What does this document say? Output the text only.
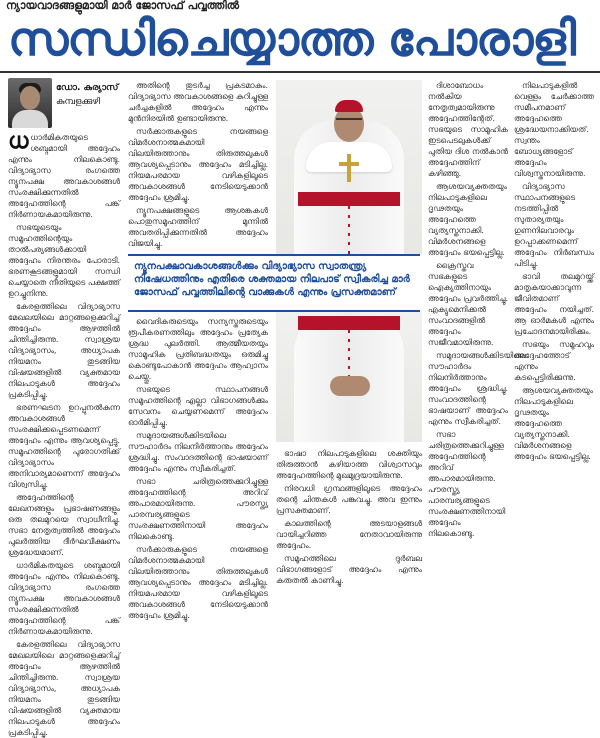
ന്യായവാദങ്ങളുമായി മാർ ജോസഫ് പവ്വത്തിൽ
സന്ധിചെയ്യാത്ത പോരാളി
ഡോ. കുര്യാസ്
കുമ്പളക്കുഴി

ധധാർമികതയുടെ ശബ്ദമായി അദ്ദേഹം എന്നും നിലകൊണ്ടു. വിദ്യാഭ്യാസ രംഗത്തെ ന്യൂനപക്ഷ അവകാശങ്ങൾ സംരക്ഷിക്കുന്നതിൽ അദ്ദേഹത്തിന്റെ പങ്ക് നിർണായകമായിരുന്നു.

സഭയുടെയും സമൂഹത്തിന്റെയും താൽപര്യങ്ങൾക്കായി അദ്ദേഹം നിരന്തരം പോരാടി. ഭരണകൂടങ്ങളുമായി സന്ധി ചെയ്യാതെ നീതിയുടെ പക്ഷത്ത് ഉറച്ചുനിന്നു.

കേരളത്തിലെ വിദ്യാഭ്യാസ മേഖലയിലെ മാറ്റങ്ങളെക്കുറിച്ച് അദ്ദേഹം ആഴത്തിൽ ചിന്തിച്ചിരുന്നു. സ്വാശ്രയ വിദ്യാഭ്യാസം, അധ്യാപക നിയമനം തുടങ്ങിയ വിഷയങ്ങളിൽ വ്യക്തമായ നിലപാടുകൾ അദ്ദേഹം പ്രകടിപ്പിച്ചു.

ഭരണഘടന ഉറപ്പുനൽകുന്ന അവകാശങ്ങൾ സംരക്ഷിക്കപ്പെടണമെന്ന് അദ്ദേഹം എന്നും ആവശ്യപ്പെട്ടു. സമൂഹത്തിന്റെ പുരോഗതിക്ക് വിദ്യാഭ്യാസം അനിവാര്യമാണെന്ന് അദ്ദേഹം വിശ്വസിച്ചു.

അദ്ദേഹത്തിന്റെ ലേഖനങ്ങളും പ്രഭാഷണങ്ങളും ഒരു തലമുറയെ സ്വാധീനിച്ചു. സഭാ നേതൃത്വത്തിൽ അദ്ദേഹം പുലർത്തിയ ദീർഘവീക്ഷണം ശ്രദ്ധേയമാണ്.

ധാർമികതയുടെ ശബ്ദമായി അദ്ദേഹം എന്നും നിലകൊണ്ടു. വിദ്യാഭ്യാസ രംഗത്തെ ന്യൂനപക്ഷ അവകാശങ്ങൾ സംരക്ഷിക്കുന്നതിൽ അദ്ദേഹത്തിന്റെ പങ്ക് നിർണായകമായിരുന്നു.

കേരളത്തിലെ വിദ്യാഭ്യാസ മേഖലയിലെ മാറ്റങ്ങളെക്കുറിച്ച് അദ്ദേഹം ആഴത്തിൽ ചിന്തിച്ചിരുന്നു. സ്വാശ്രയ വിദ്യാഭ്യാസം, അധ്യാപക നിയമനം തുടങ്ങിയ വിഷയങ്ങളിൽ വ്യക്തമായ നിലപാടുകൾ അദ്ദേഹം പ്രകടിപ്പിച്ചു.

അതിന്റെ തുടർച്ച പ്രകടമാകും. വിദ്യാഭ്യാസ അവകാശങ്ങളെ കുറിച്ചുള്ള ചർച്ചകളിൽ അദ്ദേഹം എന്നും മുൻനിരയിൽ ഉണ്ടായിരുന്നു.

സർക്കാരുകളുടെ നയങ്ങളെ വിമർശനാത്മകമായി വിലയിരുത്താനും തിരുത്തലുകൾ ആവശ്യപ്പെടാനും അദ്ദേഹം മടിച്ചില്ല. നിയമപരമായ വഴികളിലൂടെ അവകാശങ്ങൾ നേടിയെടുക്കാൻ അദ്ദേഹം ശ്രമിച്ചു.

ന്യൂനപക്ഷങ്ങളുടെ ആശങ്കകൾ പൊതുസമൂഹത്തിന് മുന്നിൽ അവതരിപ്പിക്കുന്നതിൽ അദ്ദേഹം വിജയിച്ചു.

ന്യൂനപക്ഷാവകാശങ്ങൾക്കും വിദ്യാഭ്യാസ സ്വാതന്ത്ര്യ നിഷേധത്തിനും എതിരെ ശക്തമായ നിലപാട് സ്വീകരിച്ച മാർ ജോസഫ് പവ്വത്തിലിന്റെ വാക്കുകൾ എന്നും പ്രസക്തമാണ്

വൈദികരുടെയും സന്യസ്തരുടെയും രൂപീകരണത്തിലും അദ്ദേഹം പ്രത്യേക ശ്രദ്ധ പുലർത്തി. ആത്മീയതയും സാമൂഹിക പ്രതിബദ്ധതയും ഒരുമിച്ചു കൊണ്ടുപോകാൻ അദ്ദേഹം ആഹ്വാനം ചെയ്തു.

സഭയുടെ സ്ഥാപനങ്ങൾ സമൂഹത്തിന്റെ എല്ലാ വിഭാഗങ്ങൾക്കും സേവനം ചെയ്യണമെന്ന് അദ്ദേഹം ഓർമിപ്പിച്ചു.

സമുദായങ്ങൾക്കിടയിലെ സൗഹാർദം നിലനിർത്താനും അദ്ദേഹം ശ്രദ്ധിച്ചു. സംവാദത്തിന്റെ ഭാഷയാണ് അദ്ദേഹം എന്നും സ്വീകരിച്ചത്.

സഭാ ചരിത്രത്തെക്കുറിച്ചുള്ള അദ്ദേഹത്തിന്റെ അറിവ് അപാരമായിരുന്നു. പൗരസ്ത്യ പാരമ്പര്യങ്ങളുടെ സംരക്ഷണത്തിനായി അദ്ദേഹം നിലകൊണ്ടു.

സർക്കാരുകളുടെ നയങ്ങളെ വിമർശനാത്മകമായി വിലയിരുത്താനും തിരുത്തലുകൾ ആവശ്യപ്പെടാനും അദ്ദേഹം മടിച്ചില്ല. നിയമപരമായ വഴികളിലൂടെ അവകാശങ്ങൾ നേടിയെടുക്കാൻ അദ്ദേഹം ശ്രമിച്ചു.

ഭാഷാ നിലപാടുകളിലെ ശക്തിയും തിരുത്താൻ കഴിയാത്ത വിശ്വാസവും അദ്ദേഹത്തിന്റെ മുഖമുദ്രയായിരുന്നു.

നിരവധി ഗ്രന്ഥങ്ങളിലൂടെ അദ്ദേഹം തന്റെ ചിന്തകൾ പങ്കുവച്ചു. അവ ഇന്നും പ്രസക്തമാണ്.

കാലത്തിന്റെ അടയാളങ്ങൾ വായിച്ചറിഞ്ഞ നേതാവായിരുന്നു അദ്ദേഹം.

സമൂഹത്തിലെ ദുർബല വിഭാഗങ്ങളോട് അദ്ദേഹം എന്നും കരുതൽ കാണിച്ചു.

ദിശാബോധം നൽകിയ നേതൃത്വമായിരുന്നു അദ്ദേഹത്തിന്റേത്. സഭയുടെ സാമൂഹിക ഇടപെടലുകൾക്ക് പുതിയ ദിശ നൽകാൻ അദ്ദേഹത്തിന് കഴിഞ്ഞു.

ആശയവ്യക്തതയും നിലപാടുകളിലെ ദൃഢതയും അദ്ദേഹത്തെ വ്യത്യസ്തനാക്കി. വിമർശനങ്ങളെ അദ്ദേഹം ഭയപ്പെട്ടില്ല.

ക്രൈസ്തവ സഭകളുടെ ഐക്യത്തിനായും അദ്ദേഹം പ്രവർത്തിച്ചു. എക്യുമെനിക്കൽ സംവാദങ്ങളിൽ അദ്ദേഹം സജീവമായിരുന്നു.

സമുദായങ്ങൾക്കിടയിലെ സൗഹാർദം നിലനിർത്താനും അദ്ദേഹം ശ്രദ്ധിച്ചു. സംവാദത്തിന്റെ ഭാഷയാണ് അദ്ദേഹം എന്നും സ്വീകരിച്ചത്.

സഭാ ചരിത്രത്തെക്കുറിച്ചുള്ള അദ്ദേഹത്തിന്റെ അറിവ് അപാരമായിരുന്നു. പൗരസ്ത്യ പാരമ്പര്യങ്ങളുടെ സംരക്ഷണത്തിനായി അദ്ദേഹം നിലകൊണ്ടു.

നിലപാടുകളിൽ വെള്ളം ചേർക്കാത്ത സമീപനമാണ് അദ്ദേഹത്തെ ശ്രദ്ധേയനാക്കിയത്. സ്വന്തം ബോധ്യങ്ങളോട് അദ്ദേഹം വിശ്വസ്തനായിരുന്നു.

വിദ്യാഭ്യാസ സ്ഥാപനങ്ങളുടെ നടത്തിപ്പിൽ സുതാര്യതയും ഗുണനിലവാരവും ഉറപ്പാക്കണമെന്ന് അദ്ദേഹം നിർബന്ധം പിടിച്ചു.

ഭാവി തലമുറയ്ക്ക് മാതൃകയാക്കാവുന്ന ജീവിതമാണ് അദ്ദേഹം നയിച്ചത്. ആ ഓർമകൾ എന്നും പ്രചോദനമായിരിക്കും.

സഭയും സമൂഹവും അദ്ദേഹത്തോട് എന്നും കടപ്പെട്ടിരിക്കുന്നു.

ആശയവ്യക്തതയും നിലപാടുകളിലെ ദൃഢതയും അദ്ദേഹത്തെ വ്യത്യസ്തനാക്കി. വിമർശനങ്ങളെ അദ്ദേഹം ഭയപ്പെട്ടില്ല.
